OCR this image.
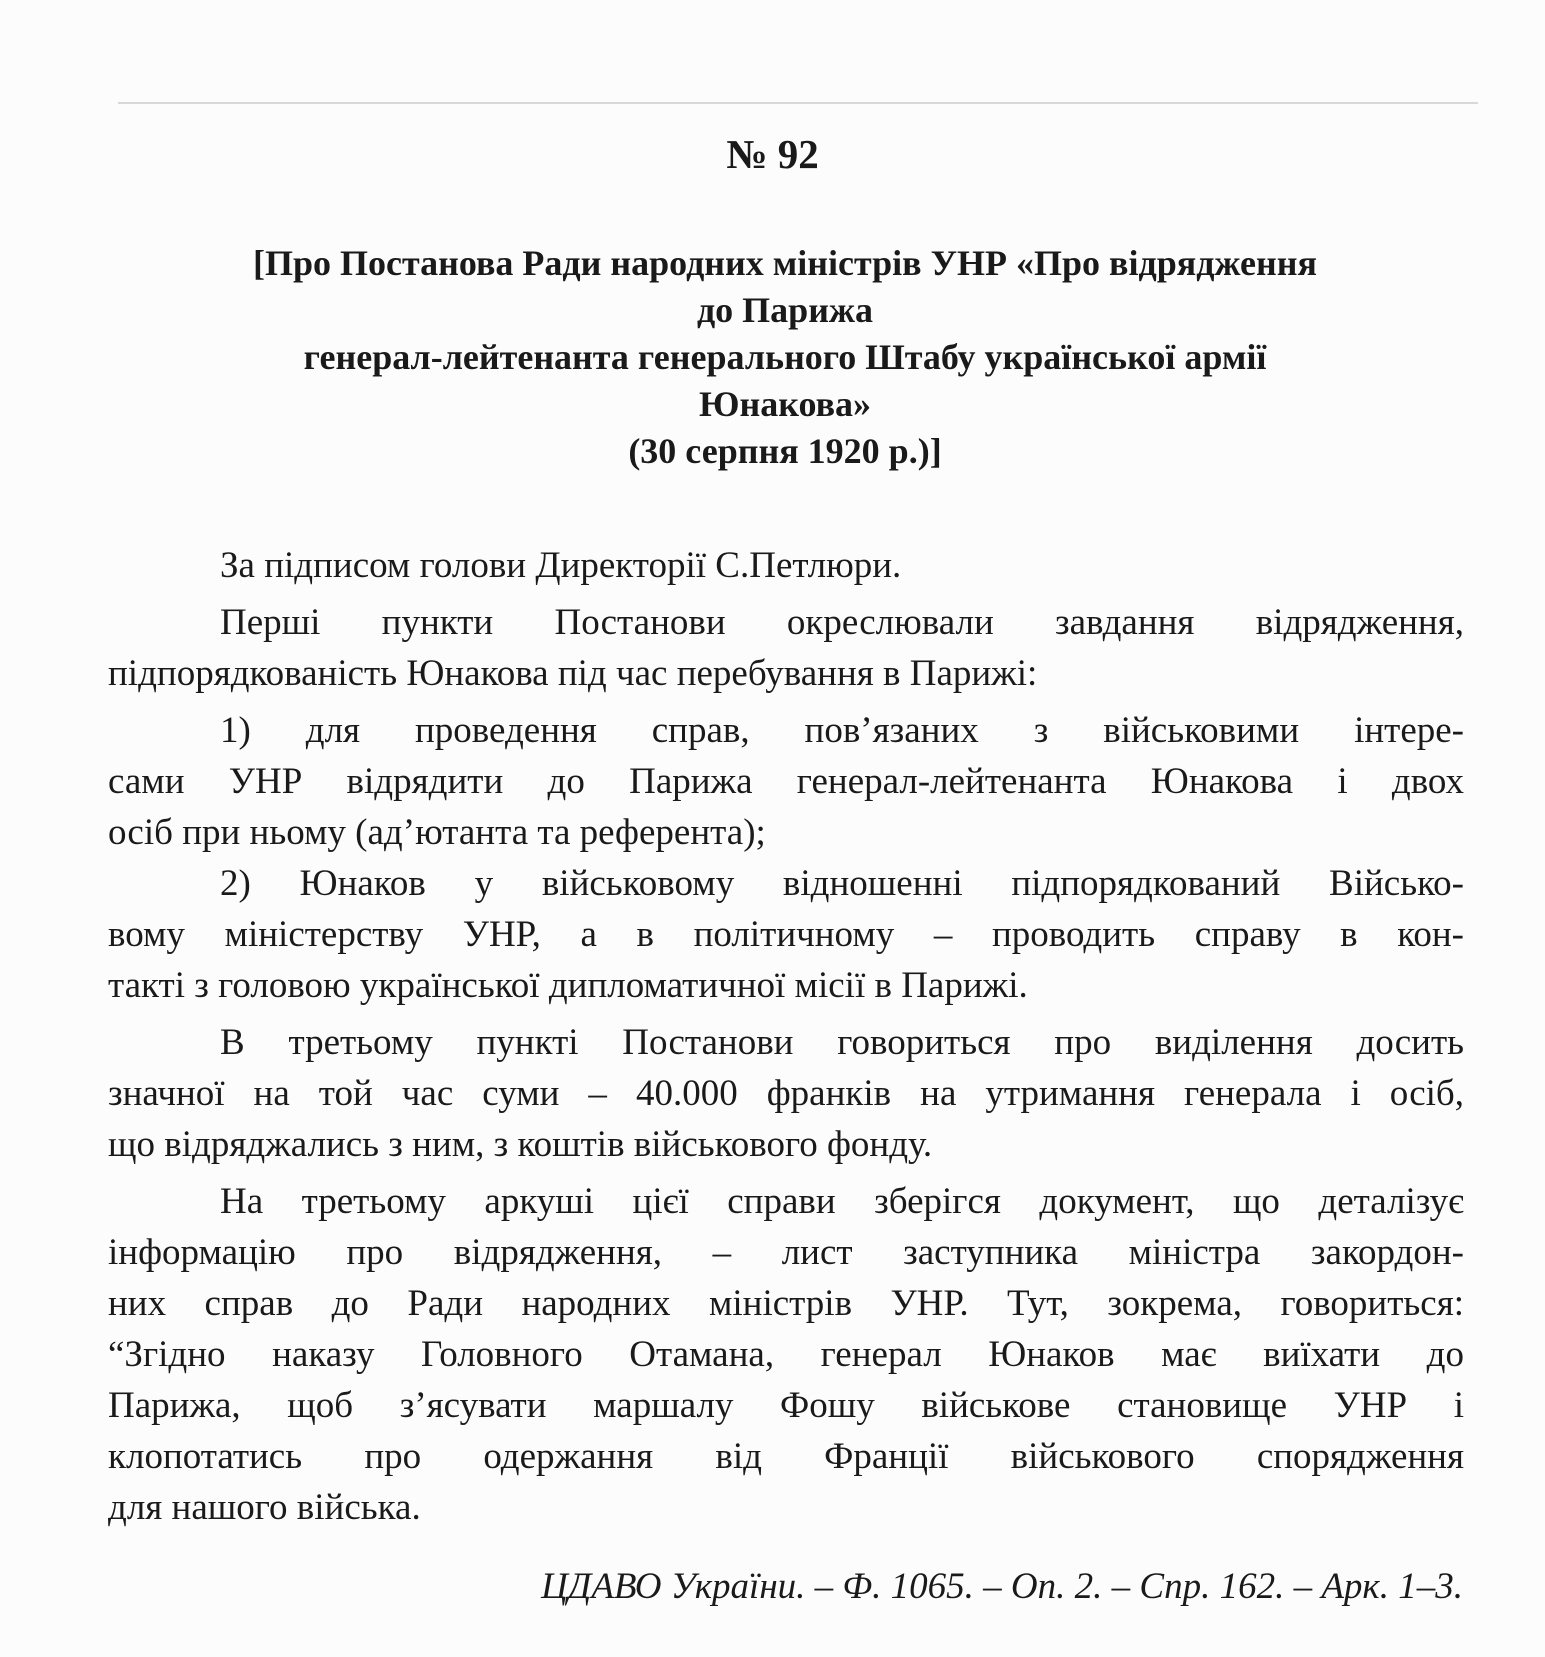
№ 92
[Про Постанова Ради народних міністрів УНР «Про відрядження
до Парижа
генерал-лейтенанта генерального Штабу української армії
Юнакова»
(30 серпня 1920 р.)]
За підписом голови Директорії С.Петлюри.
Перші пункти Постанови окреслювали завдання відрядження,
підпорядкованість Юнакова під час перебування в Парижі:
1) для проведення справ, пов’язаних з військовими інтере-
сами УНР відрядити до Парижа генерал-лейтенанта Юнакова і двох
осіб при ньому (ад’ютанта та референта);
2) Юнаков у військовому відношенні підпорядкований Військо-
вому міністерству УНР, а в політичному – проводить справу в кон-
такті з головою української дипломатичної місії в Парижі.
В третьому пункті Постанови говориться про виділення досить
значної на той час суми – 40.000 франків на утримання генерала і осіб,
що відряджались з ним, з коштів військового фонду.
На третьому аркуші цієї справи зберігся документ, що деталізує
інформацію про відрядження, – лист заступника міністра закордон-
них справ до Ради народних міністрів УНР. Тут, зокрема, говориться:
“Згідно наказу Головного Отамана, генерал Юнаков має виїхати до
Парижа, щоб з’ясувати маршалу Фошу військове становище УНР і
клопотатись про одержання від Франції військового спорядження
для нашого війська.
ЦДАВО України. – Ф. 1065. – Оп. 2. – Спр. 162. – Арк. 1–3.
